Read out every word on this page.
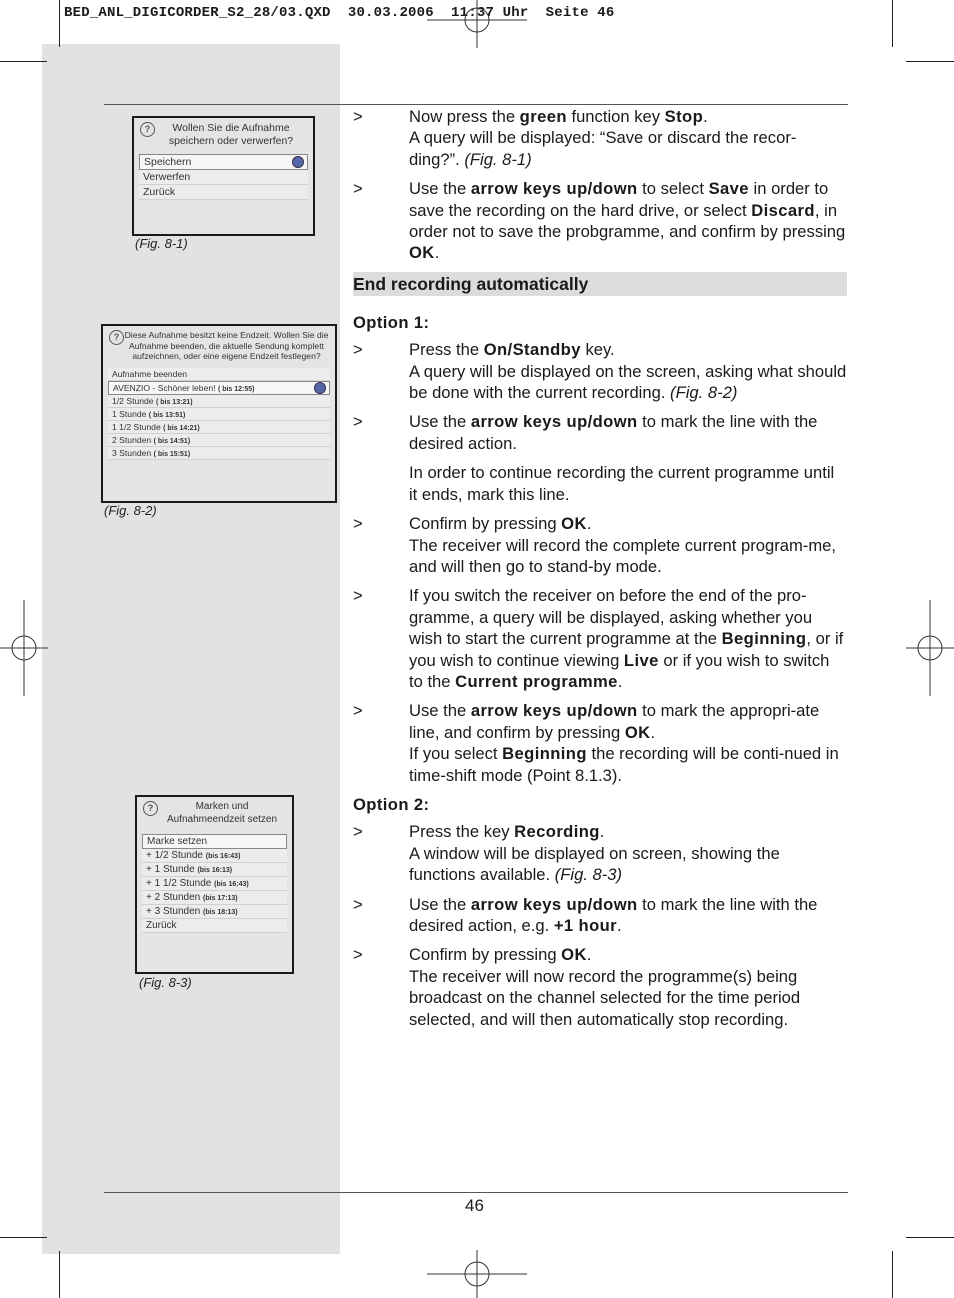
BED_ANL_DIGICORDER_S2_28/03.QXD  30.03.2006  11:37 Uhr  Seite 46
?	Wollen Sie die Aufnahme speichern oder verwerfen?
Speichern
Verwerfen
Zurück
(Fig. 8-1)
? Diese Aufnahme besitzt keine Endzeit. Wollen Sie die Aufnahme beenden, die aktuelle Sendung komplett aufzeichnen, oder eine eigene Endzeit festlegen?
Aufnahme beenden
AVENZIO - Schöner leben! ( bis 12:55)
1/2 Stunde ( bis 13:21)
1 Stunde ( bis 13:51)
1 1/2 Stunde ( bis 14:21)
2 Stunden ( bis 14:51)
3 Stunden ( bis 15:51)
(Fig. 8-2)
?	Marken und Aufnahmeendzeit setzen
Marke setzen
+ 1/2 Stunde (bis 16:43)
+ 1 Stunde (bis 16:13)
+ 1 1/2 Stunde (bis 16:43)
+ 2 Stunden (bis 17:13)
+ 3 Stunden (bis 18:13)
Zurück
(Fig. 8-3)
>	Now press the green function key Stop.
A query will be displayed: “Save or discard the recor-ding?”. (Fig. 8-1)

>	Use the arrow keys up/down to select Save in order to save the recording on the hard drive, or select Discard, in order not to save the probgramme, and confirm by pressing OK.

End recording automatically
Option 1:
>	Press the On/Standby key.
A query will be displayed on the screen, asking what should be done with the current recording. (Fig. 8-2)

>	Use the arrow keys up/down to mark the line with the desired action.

In order to continue recording the current programme until it ends, mark this line.

>	Confirm by pressing OK.
The receiver will record the complete current program-me, and will then go to stand-by mode.

>	If you switch the receiver on before the end of the pro-gramme, a query will be displayed, asking whether you wish to start the current programme at the Beginning, or if you wish to continue viewing Live or if you wish to switch to the Current programme.

>	Use the arrow keys up/down to mark the appropri-ate line, and confirm by pressing OK.
If you select Beginning the recording will be conti-nued in time-shift mode (Point 8.1.3).

Option 2:
>	Press the key Recording.
A window will be displayed on screen, showing the functions available. (Fig. 8-3)

>	Use the arrow keys up/down to mark the line with the desired action, e.g. +1 hour.

>	Confirm by pressing OK.
The receiver will now record the programme(s) being broadcast on the channel selected for the time period selected, and will then automatically stop recording.

46
